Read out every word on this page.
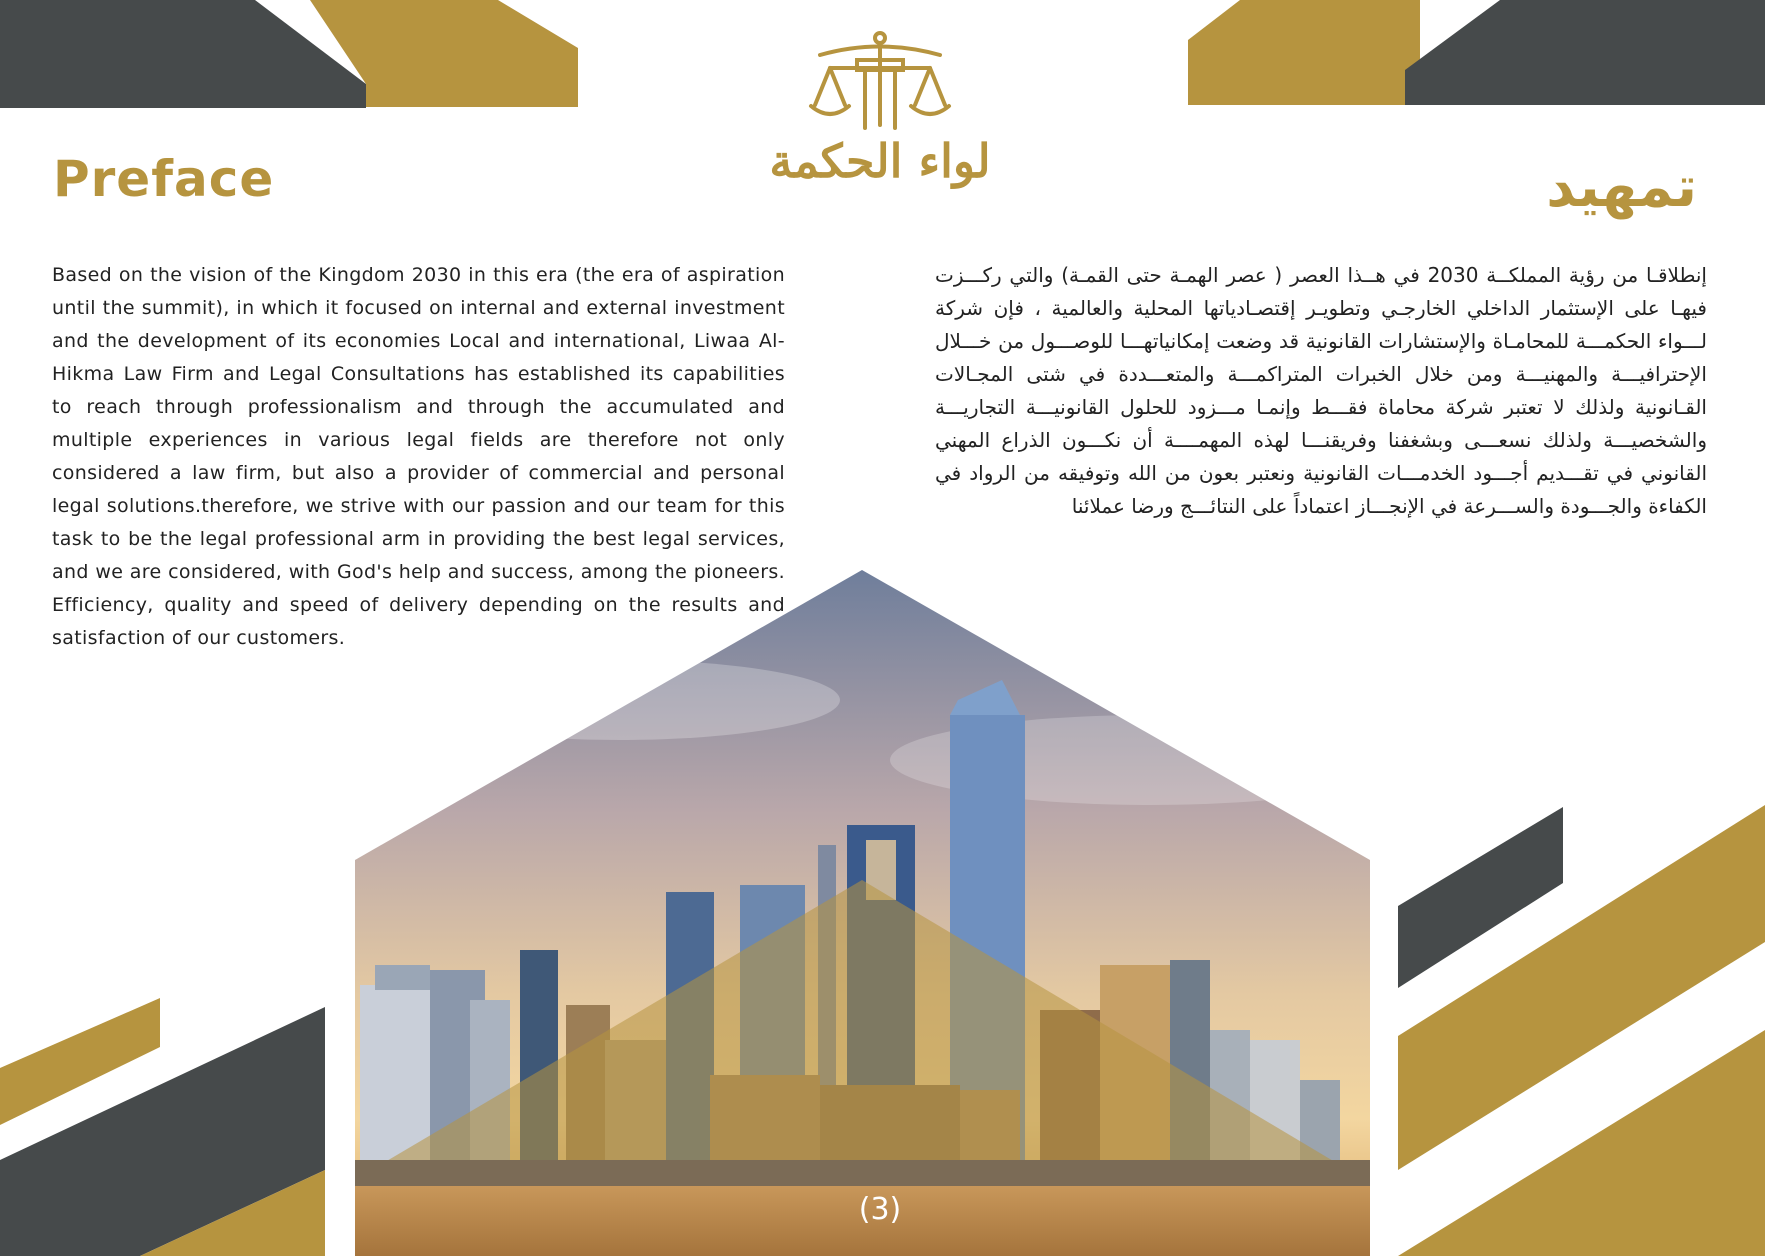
لواء الحكمة
Preface	تمهيد

Based on the vision of the Kingdom 2030 in this era (the era of aspiration until the summit), in which it focused on internal and external investment and the development of its economies Local and international, Liwaa Al-Hikma Law Firm and Legal Consultations has established its capabilities to reach through professionalism and through the accumulated and multiple experiences in various legal fields are therefore not only considered a law firm, but also a provider of commercial and personal legal solutions.therefore, we strive with our passion and our team for this task to be the legal professional arm in providing the best legal services, and we are considered, with God's help and success, among the pioneers. Efficiency, quality and speed of delivery depending on the results and satisfaction of our customers.

إنطلاقـا من رؤية المملكــة 2030 في هــذا العصر ( عصر الهمـة حتى القمـة) والتي ركـــزت فيهـا على الإستثمار الداخلي الخارجـي وتطويـر إقتصـادياتها المحلية والعالمية ، فإن شركة لـــواء الحكمـــة للمحامـاة والإستشارات القانونية قد وضعت إمكانياتهـــا للوصـــول من خـــلال الإحترافيـــة والمهنيـــة ومن خلال الخبرات المتراكمـــة والمتعـــددة في شتى المجـالات القـانونية ولذلك لا تعتبر شركة محاماة فقـــط وإنمـا مـــزود للحلول القانونيـــة التجاريـــة والشخصيـــة ولذلك نسعـــى وبشغفنا وفريقنـــا لهذه المهمــــة أن نكـــون الذراع المهني القانوني في تقـــديم أجـــود الخدمـــات القانونية ونعتبر بعون من الله وتوفيقه من الرواد في الكفاءة والجـــودة والســـرعة في الإنجـــاز اعتماداً على النتائـــج ورضا عملائنا

(3)
